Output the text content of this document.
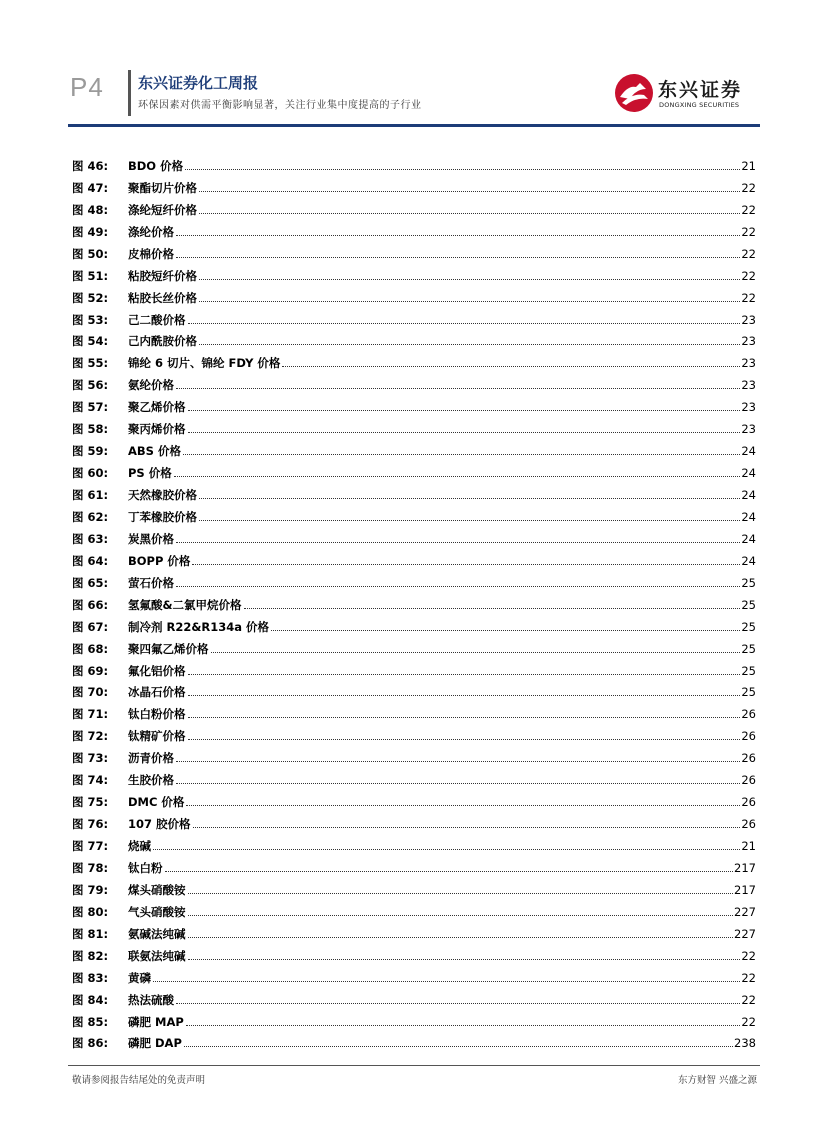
P4 东兴证券化工周报
环保因素对供需平衡影响显著，关注行业集中度提高的子行业
东兴证券
DONGXING SECURITIES
图 46: BDO 价格	21
图 47: 聚酯切片价格	22
图 48: 涤纶短纤价格	22
图 49: 涤纶价格	22
图 50: 皮棉价格	22
图 51: 粘胶短纤价格	22
图 52: 粘胶长丝价格	22
图 53: 己二酸价格	23
图 54: 己内酰胺价格	23
图 55: 锦纶 6 切片、锦纶 FDY 价格	23
图 56: 氨纶价格	23
图 57: 聚乙烯价格	23
图 58: 聚丙烯价格	23
图 59: ABS 价格	24
图 60: PS 价格	24
图 61: 天然橡胶价格	24
图 62: 丁苯橡胶价格	24
图 63: 炭黑价格	24
图 64: BOPP 价格	24
图 65: 萤石价格	25
图 66: 氢氟酸&二氯甲烷价格	25
图 67: 制冷剂 R22&R134a 价格	25
图 68: 聚四氟乙烯价格	25
图 69: 氟化铝价格	25
图 70: 冰晶石价格	25
图 71: 钛白粉价格	26
图 72: 钛精矿价格	26
图 73: 沥青价格	26
图 74: 生胶价格	26
图 75: DMC 价格	26
图 76: 107 胶价格	26
图 77: 烧碱	21
图 78: 钛白粉	217
图 79: 煤头硝酸铵	217
图 80: 气头硝酸铵	227
图 81: 氨碱法纯碱	227
图 82: 联氨法纯碱	22
图 83: 黄磷	22
图 84: 热法硫酸	22
图 85: 磷肥 MAP	22
图 86: 磷肥 DAP	238
敬请参阅报告结尾处的免责声明	东方财智 兴盛之源
